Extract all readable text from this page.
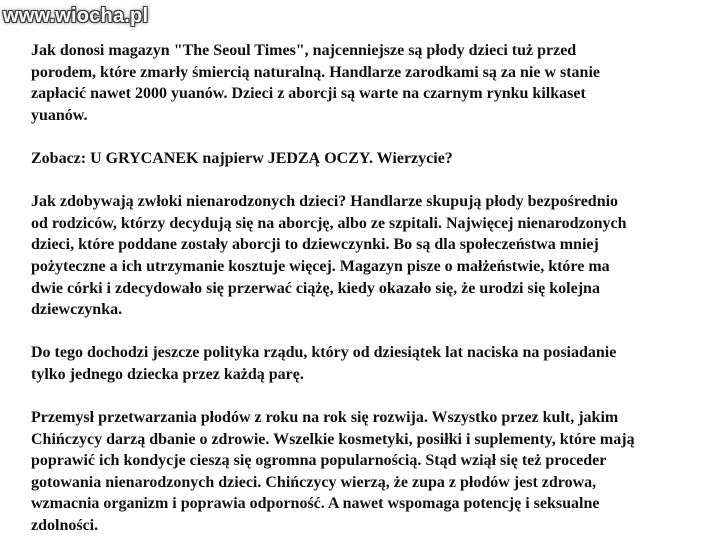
www.wiocha.pl

Jak donosi magazyn "The Seoul Times", najcenniejsze są płody dzieci tuż przed
porodem, które zmarły śmiercią naturalną. Handlarze zarodkami są za nie w stanie
zapłacić nawet 2000 yuanów. Dzieci z aborcji są warte na czarnym rynku kilkaset
yuanów.

Zobacz: U GRYCANEK najpierw JEDZĄ OCZY. Wierzycie?

Jak zdobywają zwłoki nienarodzonych dzieci? Handlarze skupują płody bezpośrednio
od rodziców, którzy decydują się na aborcję, albo ze szpitali. Najwięcej nienarodzonych
dzieci, które poddane zostały aborcji to dziewczynki. Bo są dla społeczeństwa mniej
pożyteczne a ich utrzymanie kosztuje więcej. Magazyn pisze o małżeństwie, które ma
dwie córki i zdecydowało się przerwać ciążę, kiedy okazało się, że urodzi się kolejna
dziewczynka.

Do tego dochodzi jeszcze polityka rządu, który od dziesiątek lat naciska na posiadanie
tylko jednego dziecka przez każdą parę.

Przemysł przetwarzania płodów z roku na rok się rozwija. Wszystko przez kult, jakim
Chińczycy darzą dbanie o zdrowie. Wszelkie kosmetyki, posiłki i suplementy, które mają
poprawić ich kondycje cieszą się ogromna popularnością. Stąd wziął się też proceder
gotowania nienarodzonych dzieci. Chińczycy wierzą, że zupa z płodów jest zdrowa,
wzmacnia organizm i poprawia odporność. A nawet wspomaga potencję i seksualne
zdolności.
